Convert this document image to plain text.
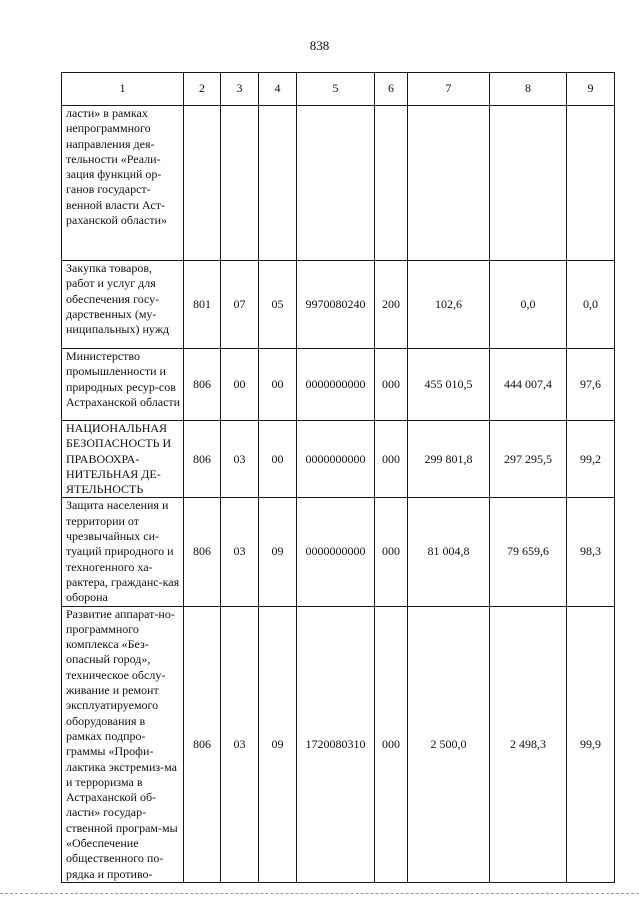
838
1	2	3	4	5	6	7	8	9
ласти» в рамках непрограммного направления дея-тельности «Реали-зация функций ор-ганов государст-венной власти Аст-раханской области»								
Закупка товаров, работ и услуг для обеспечения госу-дарственных (му-ниципальных) нужд	801	07	05	9970080240	200	102,6	0,0	0,0
Министерство промышленности и природных ресур-сов Астраханской области	806	00	00	0000000000	000	455 010,5	444 007,4	97,6
НАЦИОНАЛЬНАЯ БЕЗОПАСНОСТЬ И ПРАВООХРА-НИТЕЛЬНАЯ ДЕ-ЯТЕЛЬНОСТЬ	806	03	00	0000000000	000	299 801,8	297 295,5	99,2
Защита населения и территории от чрезвычайных си-туаций природного и техногенного ха-рактера, гражданс-кая оборона	806	03	09	0000000000	000	81 004,8	79 659,6	98,3
Развитие аппарат-но-программного комплекса «Без-опасный город», техническое обслу-живание и ремонт эксплуатируемого оборудования в рамках подпро-граммы «Профи-лактика экстремиз-ма и терроризма в Астраханской об-ласти» государ-ственной програм-мы «Обеспечение общественного по-рядка и противо-	806	03	09	1720080310	000	2 500,0	2 498,3	99,9
